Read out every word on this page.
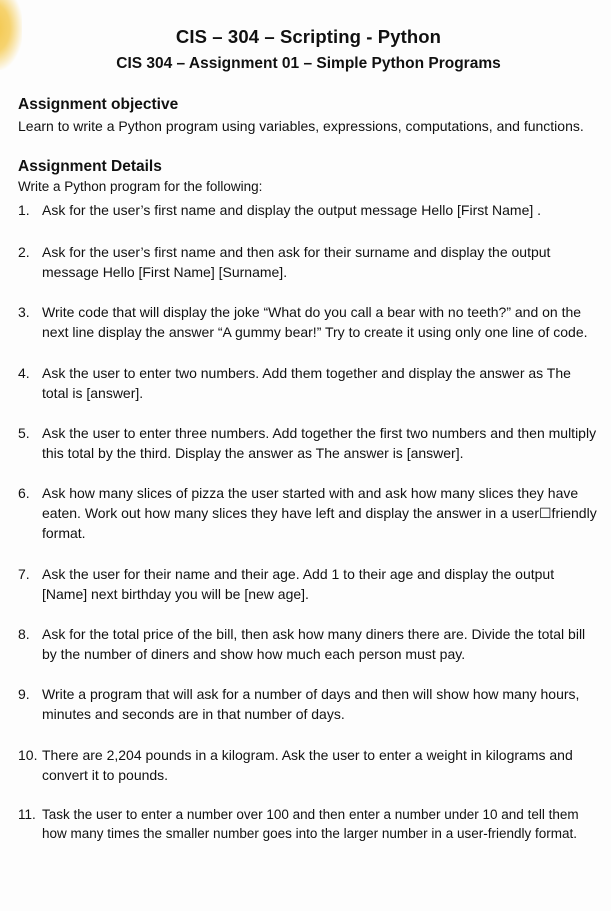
CIS – 304 – Scripting - Python
CIS 304 – Assignment 01 – Simple Python Programs
Assignment objective
Learn to write a Python program using variables, expressions, computations, and functions.
Assignment Details
Write a Python program for the following:
1. Ask for the user’s first name and display the output message Hello [First Name] .
2. Ask for the user’s first name and then ask for their surname and display the output message Hello [First Name] [Surname].
3. Write code that will display the joke “What do you call a bear with no teeth?” and on the next line display the answer “A gummy bear!” Try to create it using only one line of code.
4. Ask the user to enter two numbers. Add them together and display the answer as The total is [answer].
5. Ask the user to enter three numbers. Add together the first two numbers and then multiply this total by the third. Display the answer as The answer is [answer].
6. Ask how many slices of pizza the user started with and ask how many slices they have eaten. Work out how many slices they have left and display the answer in a user☐friendly format.
7. Ask the user for their name and their age. Add 1 to their age and display the output [Name] next birthday you will be [new age].
8. Ask for the total price of the bill, then ask how many diners there are. Divide the total bill by the number of diners and show how much each person must pay.
9. Write a program that will ask for a number of days and then will show how many hours, minutes and seconds are in that number of days.
10. There are 2,204 pounds in a kilogram. Ask the user to enter a weight in kilograms and convert it to pounds.
11. Task the user to enter a number over 100 and then enter a number under 10 and tell them how many times the smaller number goes into the larger number in a user-friendly format.
